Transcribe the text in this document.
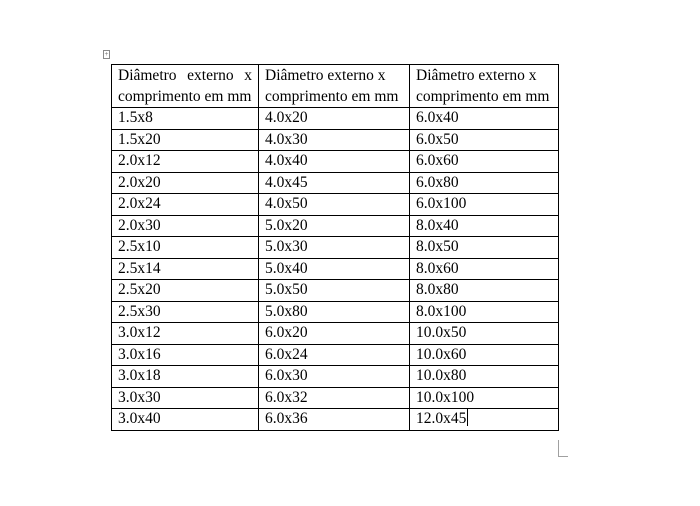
+
Diâmetro externo x comprimento em mm	Diâmetro externo x comprimento em mm	Diâmetro externo x comprimento em mm
1.5x8	4.0x20	6.0x40
1.5x20	4.0x30	6.0x50
2.0x12	4.0x40	6.0x60
2.0x20	4.0x45	6.0x80
2.0x24	4.0x50	6.0x100
2.0x30	5.0x20	8.0x40
2.5x10	5.0x30	8.0x50
2.5x14	5.0x40	8.0x60
2.5x20	5.0x50	8.0x80
2.5x30	5.0x80	8.0x100
3.0x12	6.0x20	10.0x50
3.0x16	6.0x24	10.0x60
3.0x18	6.0x30	10.0x80
3.0x30	6.0x32	10.0x100
3.0x40	6.0x36	12.0x45
